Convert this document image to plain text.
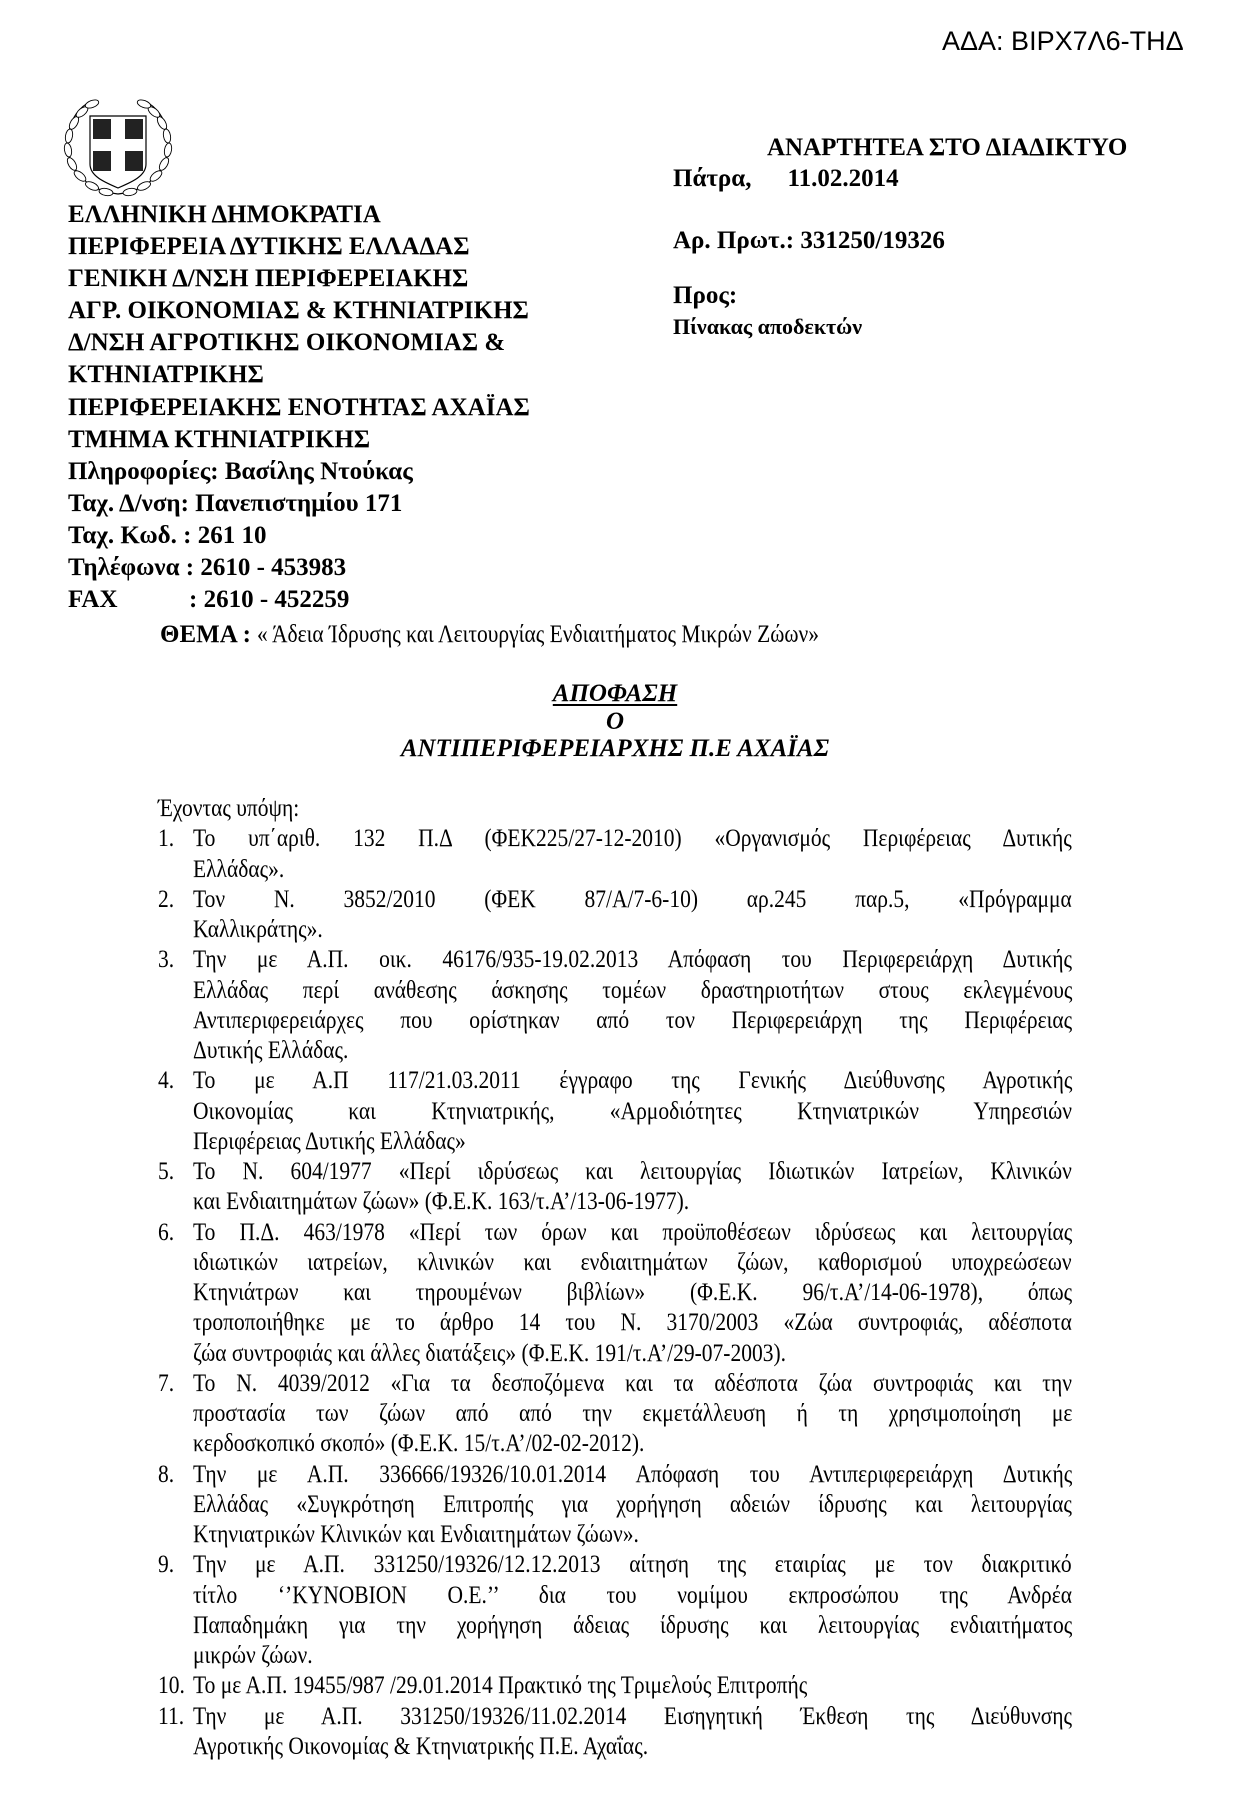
ΑΔΑ: ΒΙΡΧ7Λ6-ΤΗΔ
ΕΛΛΗΝΙΚΗ ΔΗΜΟΚΡΑΤΙΑ
ΠΕΡΙΦΕΡΕΙΑ ΔΥΤΙΚΗΣ ΕΛΛΑΔΑΣ
ΓΕΝΙΚΗ Δ/ΝΣΗ ΠΕΡΙΦΕΡΕΙΑΚΗΣ
ΑΓΡ. ΟΙΚΟΝΟΜΙΑΣ & ΚΤΗΝΙΑΤΡΙΚΗΣ
Δ/ΝΣΗ ΑΓΡΟΤΙΚΗΣ ΟΙΚΟΝΟΜΙΑΣ &
ΚΤΗΝΙΑΤΡΙΚΗΣ
ΠΕΡΙΦΕΡΕΙΑΚΗΣ ΕΝΟΤΗΤΑΣ ΑΧΑΪΑΣ
ΤΜΗΜΑ ΚΤΗΝΙΑΤΡΙΚΗΣ
Πληροφορίες: Βασίλης Ντούκας
Ταχ. Δ/νση: Πανεπιστημίου 171
Ταχ. Κωδ. : 261 10
Τηλέφωνα : 2610 - 453983
FAX	: 2610 - 452259
ΑΝΑΡΤΗΤΕΑ ΣΤΟ ΔΙΑΔΙΚΤΥΟ
Πάτρα, 11.02.2014
Αρ. Πρωτ.: 331250/19326
Προς:
Πίνακας αποδεκτών
ΘΕΜΑ : « Άδεια Ίδρυσης και Λειτουργίας Ενδιαιτήματος Μικρών Ζώων»
ΑΠΟΦΑΣΗ
Ο
ΑΝΤΙΠΕΡΙΦΕΡΕΙΑΡΧΗΣ Π.Ε ΑΧΑΪΑΣ
Έχοντας υπόψη:
1. Το υπ΄αριθ. 132 Π.Δ (ΦΕΚ225/27-12-2010) «Οργανισμός Περιφέρειας Δυτικής
Ελλάδας».
2. Τον Ν. 3852/2010 (ΦΕΚ 87/Α/7-6-10) αρ.245 παρ.5, «Πρόγραμμα
Καλλικράτης».
3. Την με Α.Π. οικ. 46176/935-19.02.2013 Απόφαση του Περιφερειάρχη Δυτικής
Ελλάδας περί ανάθεσης άσκησης τομέων δραστηριοτήτων στους εκλεγμένους
Αντιπεριφερειάρχες που ορίστηκαν από τον Περιφερειάρχη της Περιφέρειας
Δυτικής Ελλάδας.
4. Το με Α.Π 117/21.03.2011 έγγραφο της Γενικής Διεύθυνσης Αγροτικής
Οικονομίας και Κτηνιατρικής, «Αρμοδιότητες Κτηνιατρικών Υπηρεσιών
Περιφέρειας Δυτικής Ελλάδας»
5. Το Ν. 604/1977 «Περί ιδρύσεως και λειτουργίας Ιδιωτικών Ιατρείων, Κλινικών
και Ενδιαιτημάτων ζώων» (Φ.Ε.Κ. 163/τ.Α’/13-06-1977).
6. Το Π.Δ. 463/1978 «Περί των όρων και προϋποθέσεων ιδρύσεως και λειτουργίας
ιδιωτικών ιατρείων, κλινικών και ενδιαιτημάτων ζώων, καθορισμού υποχρεώσεων
Κτηνιάτρων και τηρουμένων βιβλίων» (Φ.Ε.Κ. 96/τ.Α’/14-06-1978), όπως
τροποποιήθηκε με το άρθρο 14 του Ν. 3170/2003 «Ζώα συντροφιάς, αδέσποτα
ζώα συντροφιάς και άλλες διατάξεις» (Φ.Ε.Κ. 191/τ.Α’/29-07-2003).
7. Το Ν. 4039/2012 «Για τα δεσποζόμενα και τα αδέσποτα ζώα συντροφιάς και την
προστασία των ζώων από από την εκμετάλλευση ή τη χρησιμοποίηση με
κερδοσκοπικό σκοπό» (Φ.Ε.Κ. 15/τ.Α’/02-02-2012).
8. Την με Α.Π. 336666/19326/10.01.2014 Απόφαση του Αντιπεριφερειάρχη Δυτικής
Ελλάδας «Συγκρότηση Επιτροπής για χορήγηση αδειών ίδρυσης και λειτουργίας
Κτηνιατρικών Κλινικών και Ενδιαιτημάτων ζώων».
9. Την με Α.Π. 331250/19326/12.12.2013 αίτηση της εταιρίας με τον διακριτικό
τίτλο ‘’ΚΥΝΟΒΙΟΝ Ο.Ε.’’ δια του νομίμου εκπροσώπου της Ανδρέα
Παπαδημάκη για την χορήγηση άδειας ίδρυσης και λειτουργίας ενδιαιτήματος
μικρών ζώων.
10. Το με Α.Π. 19455/987 /29.01.2014 Πρακτικό της Τριμελούς Επιτροπής
11. Την με Α.Π. 331250/19326/11.02.2014 Εισηγητική Έκθεση της Διεύθυνσης
Αγροτικής Οικονομίας & Κτηνιατρικής Π.Ε. Αχαΐας.
